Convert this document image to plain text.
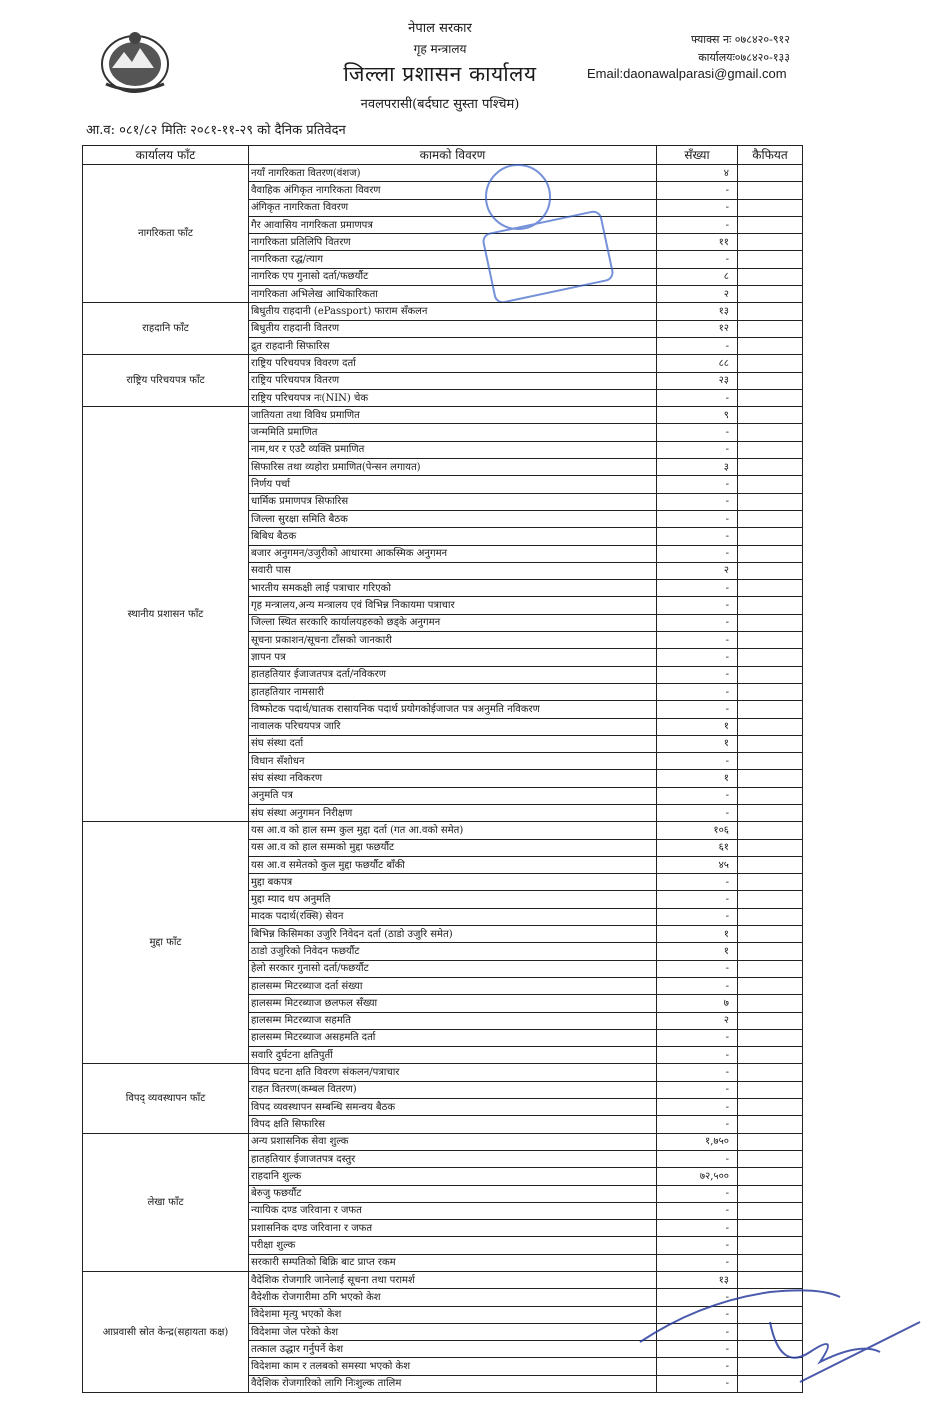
नेपाल सरकार
गृह मन्त्रालय
जिल्ला प्रशासन कार्यालय
नवलपरासी(बर्दघाट सुस्ता पश्चिम)
फ्याक्स नः ०७८४२०-९१२
कार्यालयः०७८४२०-१३३
Email:daonawalparasi@gmail.com
आ.व: ०८१/८२ मितिः २०८१-११-२९ को दैनिक प्रतिवेदन
कार्यालय फाँट	कामको विवरण	सँख्या	कैफियत
नागरिकता फाँट	नयाँ नागरिकता वितरण(वंशज)	४	
	वैवाहिक अंगिकृत नागरिकता विवरण	-	
	अंगिकृत नागरिकता विवरण	-	
	गैर आवासिय नागरिकता प्रमाणपत्र	-	
	नागरिकता प्रतिलिपि वितरण	११	
	नागरिकता रद्ध/त्याग	-	
	नागरिक एप गुनासो दर्ता/फछर्यौट	८	
	नागरिकता अभिलेख आधिकारिकता	२	
राहदानि फाँट	बिधुतीय राहदानी (ePassport) फाराम सँकलन	१३	
	बिधुतीय राहदानी वितरण	१२	
	द्रुत राहदानी सिफारिस	-	
राष्ट्रिय परिचयपत्र फाँट	राष्ट्रिय परिचयपत्र विवरण दर्ता	८८	
	राष्ट्रिय परिचयपत्र वितरण	२३	
	राष्ट्रिय परिचयपत्र नः(NIN) चेक	-	
स्थानीय प्रशासन फाँट	जातियता तथा विविध प्रमाणित	९	
	जन्ममिति प्रमाणित	-	
	नाम,थर र एउटै व्यक्ति प्रमाणित	-	
	सिफारिस तथा व्यहोरा प्रमाणित(पेन्सन लगायत)	३	
	निर्णय पर्चा	-	
	धार्मिक प्रमाणपत्र सिफारिस	-	
	जिल्ला सुरक्षा समिति बैठक	-	
	बिबिध बैठक	-	
	बजार अनुगमन/उजुरीको आधारमा आकस्मिक अनुगमन	-	
	सवारी पास	२	
	भारतीय समकक्षी लाई पत्राचार गरिएको	-	
	गृह मन्त्रालय,अन्य मन्त्रालय एवं विभिन्न निकायमा पत्राचार	-	
	जिल्ला स्थित सरकारि कार्यालयहरुको छड्के अनुगमन	-	
	सूचना प्रकाशन/सूचना टाँसको जानकारी	-	
	ज्ञापन पत्र	-	
	हातहतियार ईजाजतपत्र दर्ता/नविकरण	-	
	हातहतियार नामसारी	-	
	विष्फोटक पदार्थ/घातक रासायनिक पदार्थ प्रयोगकोईजाजत पत्र अनुमति नविकरण	-	
	नावालक परिचयपत्र जारि	१	
	संघ संस्था दर्ता	१	
	विधान सँशोधन	-	
	संघ संस्था नविकरण	१	
	अनुमति पत्र	-	
	संघ संस्था अनुगमन निरीक्षण	-	
मुद्दा फाँट	यस आ.व को हाल सम्म कुल मुद्दा दर्ता (गत आ.वको समेत)	१०६	
	यस आ.व को हाल सम्मको मुद्दा फछर्यौट	६१	
	यस आ.व समेतको कुल मुद्दा फछर्यौट बाँकी	४५	
	मुद्दा बकपत्र	-	
	मुद्दा म्याद थप अनुमति	-	
	मादक पदार्थ(रक्सि) सेवन	-	
	बिभिन्न किसिमका उजुरि निवेदन दर्ता (ठाडो उजुरि समेत)	१	
	ठाडो उजुरिको निवेदन फछर्यौट	१	
	हेलो सरकार गुनासो दर्ता/फछर्यौट	-	
	हालसम्म मिटरब्याज दर्ता संख्या	-	
	हालसम्म मिटरब्याज छलफल सँख्या	७	
	हालसम्म मिटरब्याज सहमति	२	
	हालसम्म मिटरब्याज असहमति दर्ता	-	
	सवारि दुर्घटना क्षतिपुर्ती	-	
विपद् व्यवस्थापन फाँट	विपद घटना क्षति विवरण संकलन/पत्राचार	-	
	राहत वितरण(कम्बल वितरण)	-	
	विपद व्यवस्थापन सम्बन्धि समन्वय बैठक	-	
	विपद क्षति सिफारिस	-	
लेखा फाँट	अन्य प्रशासनिक सेवा शुल्क	१,७५०	
	हातहतियार ईजाजतपत्र दस्तुर	-	
	राहदानि शुल्क	७२,५००	
	बेरुजु फछर्यौट	-	
	न्यायिक दण्ड जरिवाना र जफत	-	
	प्रशासनिक दण्ड जरिवाना र जफत	-	
	परीक्षा शुल्क	-	
	सरकारी सम्पतिको बिक्रि बाट प्राप्त रकम	-	
आप्रवासी स्रोत केन्द्र(सहायता कक्ष)	वैदेशिक रोजगारि जानेलाई सूचना तथा परामर्श	१३	
	वैदेशीक रोजगारीमा ठगि भएको केश	-	
	विदेशमा मृत्यु भएको केश	-	
	विदेशमा जेल परेको केश	-	
	तत्काल उद्धार गर्नुपर्ने केश	-	
	विदेशमा काम र तलबको समस्या भएको केश	-	
	वैदेशिक रोजगारिको लागि निःशुल्क तालिम	-	
